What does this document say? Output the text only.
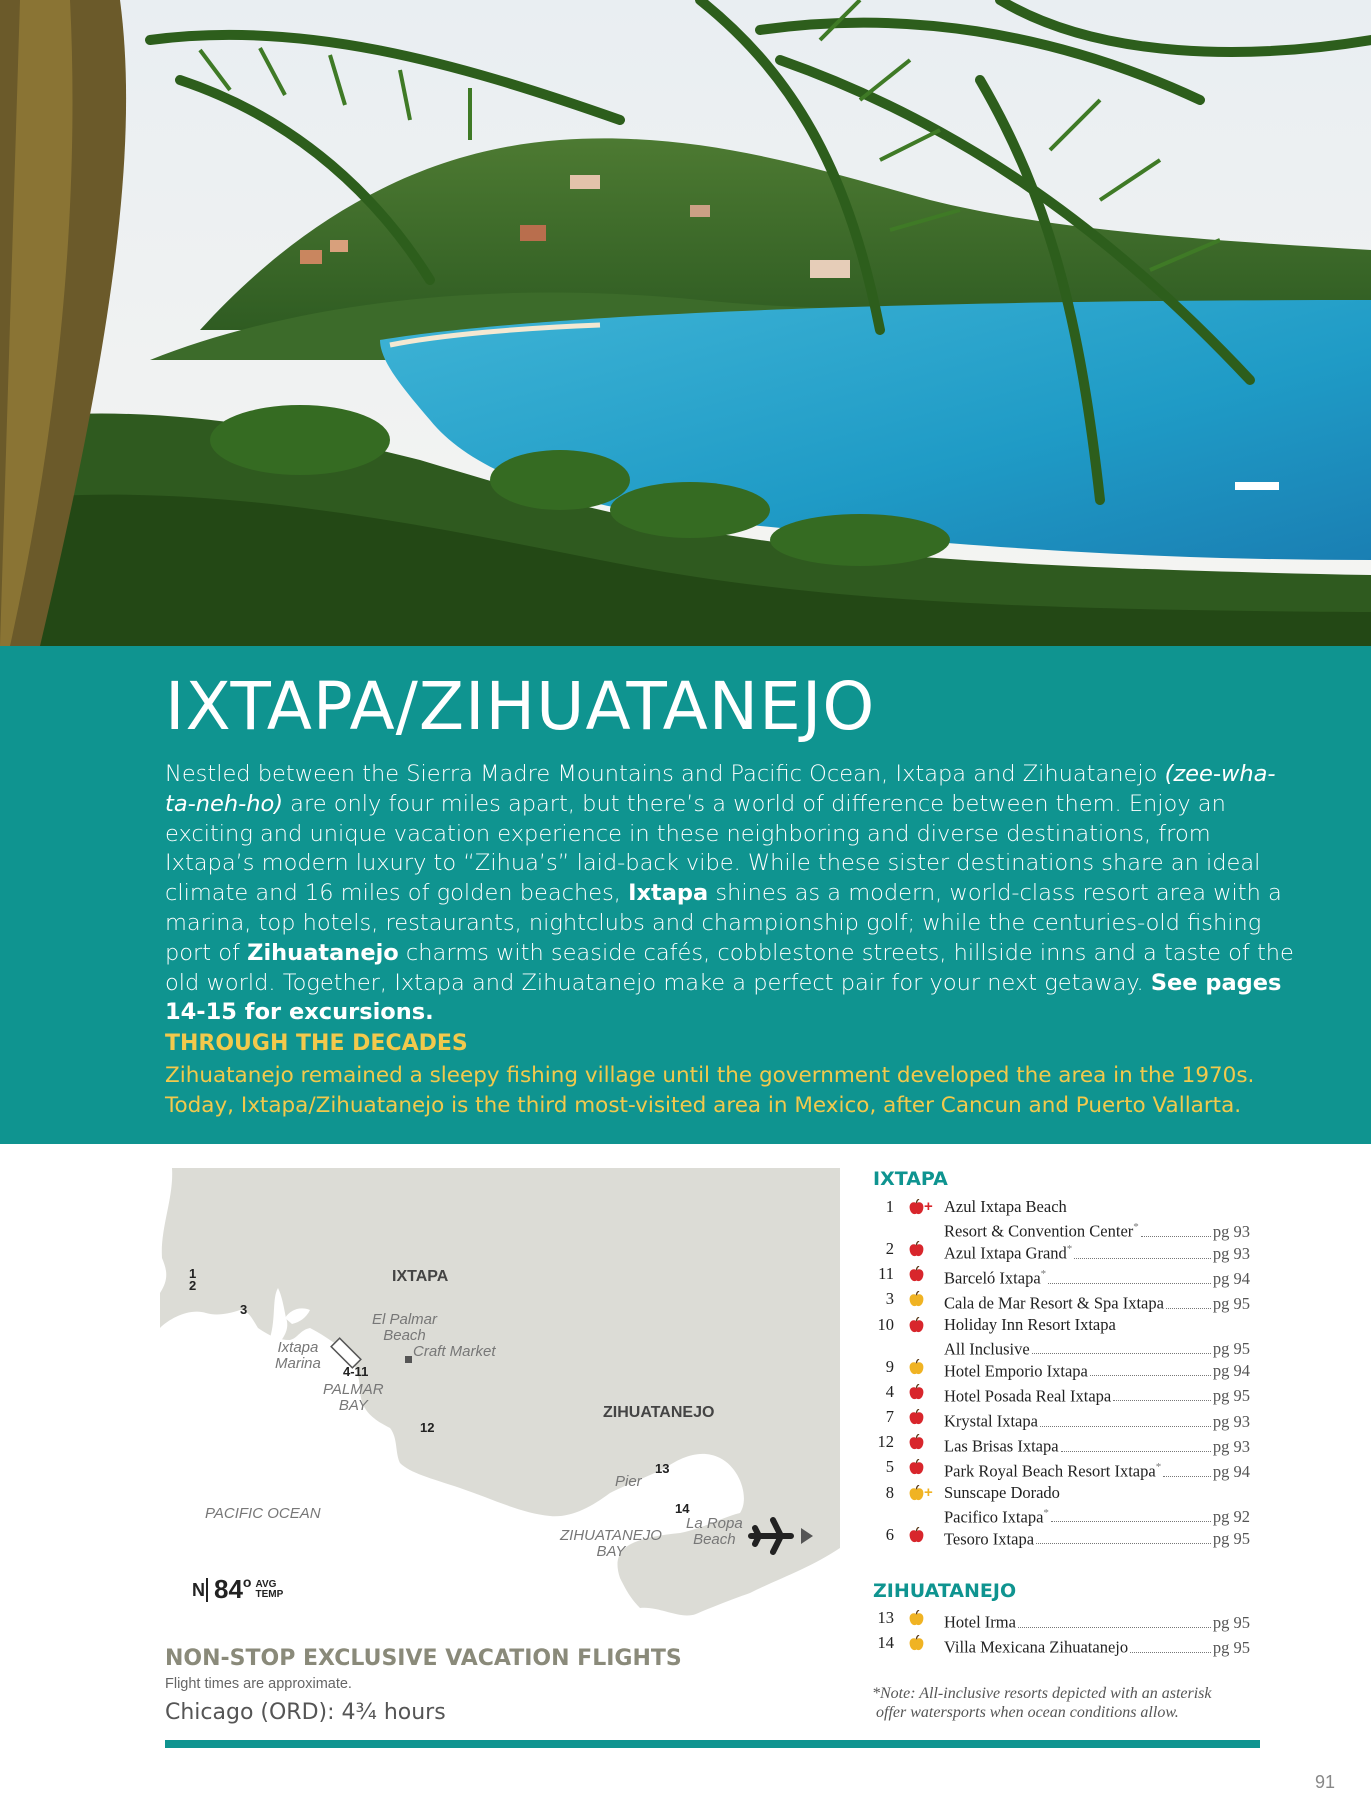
IXTAPA/ZIHUATANEJO

Nestled between the Sierra Madre Mountains and Pacific Ocean, Ixtapa and Zihuatanejo (zee-wha-ta-neh-ho) are only four miles apart, but there’s a world of difference between them. Enjoy an exciting and unique vacation experience in these neighboring and diverse destinations, from Ixtapa’s modern luxury to “Zihua’s” laid-back vibe. While these sister destinations share an ideal climate and 16 miles of golden beaches, Ixtapa shines as a modern, world-class resort area with a marina, top hotels, restaurants, nightclubs and championship golf; while the centuries-old fishing port of Zihuatanejo charms with seaside cafés, cobblestone streets, hillside inns and a taste of the old world. Together, Ixtapa and Zihuatanejo make a perfect pair for your next getaway. See pages 14-15 for excursions.

THROUGH THE DECADES

Zihuatanejo remained a sleepy fishing village until the government developed the area in the 1970s. Today, Ixtapa/Zihuatanejo is the third most-visited area in Mexico, after Cancun and Puerto Vallarta.

IXTAPA
ZIHUATANEJO
El Palmar
Beach
Craft Market
Ixtapa
Marina
PALMAR
BAY
PACIFIC OCEAN
Pier
ZIHUATANEJO
BAY
La Ropa
Beach
1
2
3
4-11
12
13
14
N 84$^o$ AVG
TEMP
NON-STOP EXCLUSIVE VACATION FLIGHTS
Flight times are approximate.
Chicago (ORD): 4¾ hours
IXTAPA
1 + Azul Ixtapa Beach
Resort & Convention Center*	pg 93
2	Azul Ixtapa Grand*	pg 93
11	Barceló Ixtapa*	pg 94
3	Cala de Mar Resort & Spa Ixtapa	pg 95
10	Holiday Inn Resort Ixtapa
All Inclusive	pg 95
9	Hotel Emporio Ixtapa	pg 94
4	Hotel Posada Real Ixtapa	pg 95
7	Krystal Ixtapa	pg 93
12	Las Brisas Ixtapa	pg 93
5	Park Royal Beach Resort Ixtapa*	pg 94
8 + Sunscape Dorado
Pacifico Ixtapa*	pg 92
6	Tesoro Ixtapa	pg 95
ZIHUATANEJO
13	Hotel Irma	pg 95
14	Villa Mexicana Zihuatanejo	pg 95
*Note: All-inclusive resorts depicted with an asterisk
offer watersports when ocean conditions allow.
91
